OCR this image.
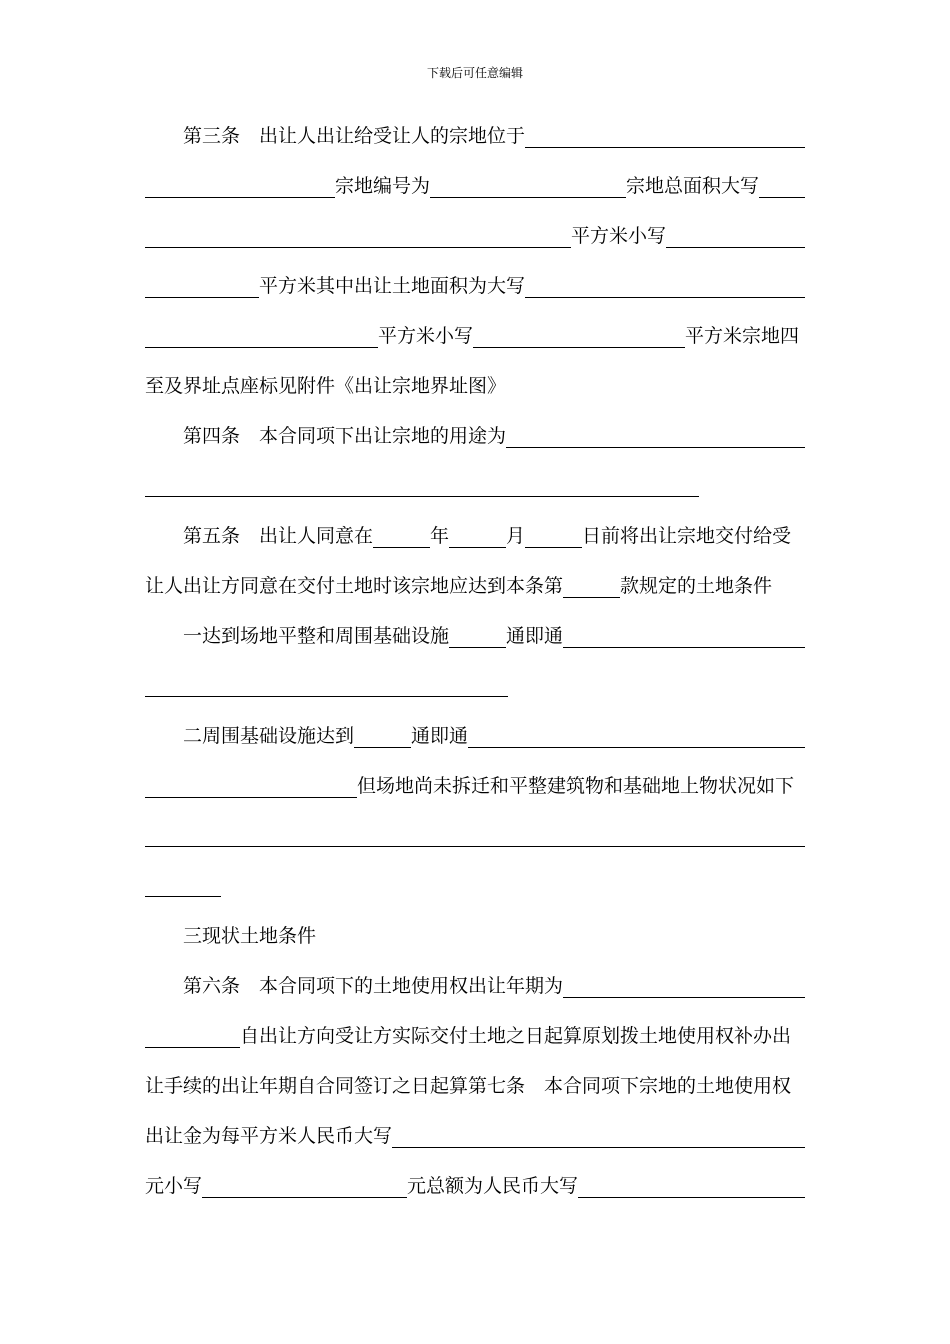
下载后可任意编辑
第三条　出让人出让给受让人的宗地位于
宗地编号为	宗地总面积大写
平方米小写
平方米其中出让土地面积为大写
平方米小写	平方米宗地四
至及界址点座标见附件《出让宗地界址图》
第四条　本合同项下出让宗地的用途为
第五条　出让人同意在	年	月	日前将出让宗地交付给受
让人出让方同意在交付土地时该宗地应达到本条第	款规定的土地条件
一达到场地平整和周围基础设施	通即通
二周围基础设施达到	通即通
但场地尚未拆迁和平整建筑物和基础地上物状况如下
三现状土地条件
第六条　本合同项下的土地使用权出让年期为
自出让方向受让方实际交付土地之日起算原划拨土地使用权补办出
让手续的出让年期自合同签订之日起算第七条　本合同项下宗地的土地使用权
出让金为每平方米人民币大写
元小写	元总额为人民币大写
